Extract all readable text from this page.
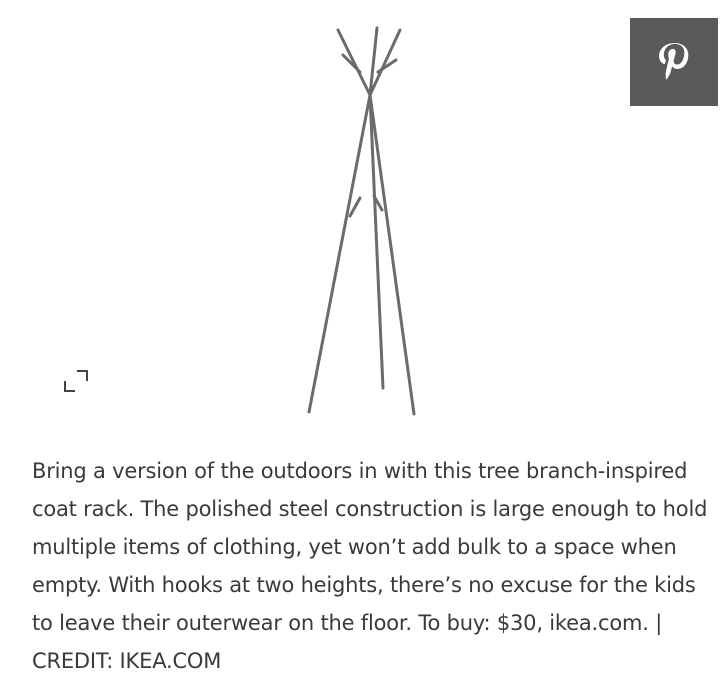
Bring a version of the outdoors in with this tree branch-inspired coat rack. The polished steel construction is large enough to hold multiple items of clothing, yet won’t add bulk to a space when empty. With hooks at two heights, there’s no excuse for the kids to leave their outerwear on the floor. To buy: $30, ikea.com. | CREDIT: IKEA.COM
